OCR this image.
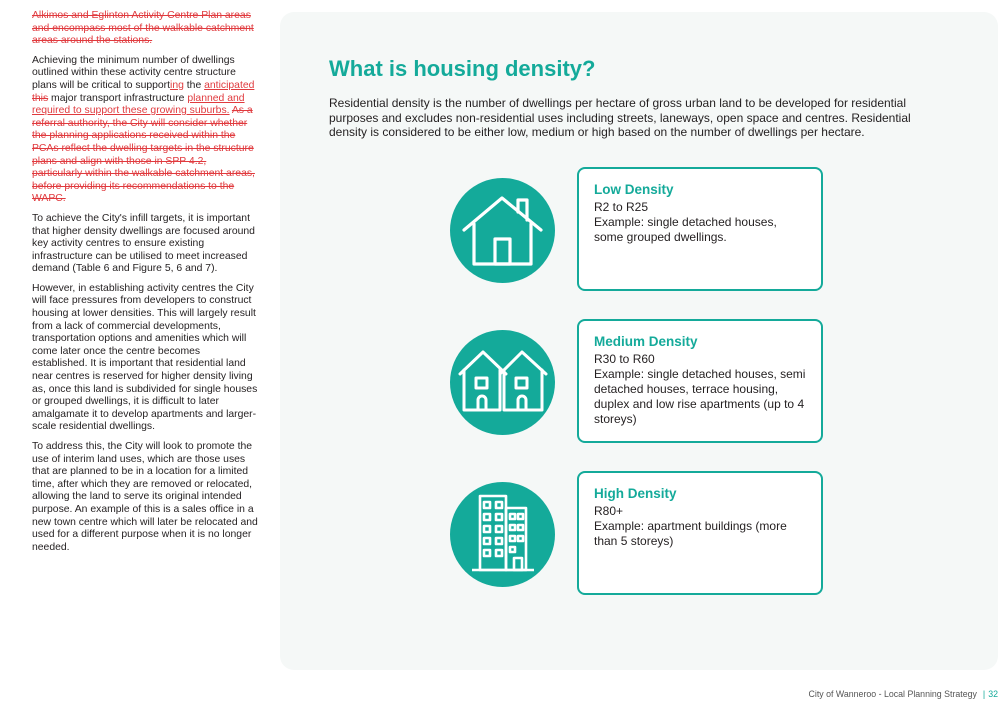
Alkimos and Eglinton Activity Centre Plan areas and encompass most of the walkable catchment areas around the stations.

Achieving the minimum number of dwellings outlined within these activity centre structure plans will be critical to supporting the anticipated this major transport infrastructure planned and required to support these growing suburbs. As a referral authority, the City will consider whether the planning applications received within the PCAs reflect the dwelling targets in the structure plans and align with those in SPP 4.2, particularly within the walkable catchment areas, before providing its recommendations to the WAPC.

To achieve the City's infill targets, it is important that higher density dwellings are focused around key activity centres to ensure existing infrastructure can be utilised to meet increased demand (Table 6 and Figure 5, 6 and 7).

However, in establishing activity centres the City will face pressures from developers to construct housing at lower densities. This will largely result from a lack of commercial developments, transportation options and amenities which will come later once the centre becomes established. It is important that residential land near centres is reserved for higher density living as, once this land is subdivided for single houses or grouped dwellings, it is difficult to later amalgamate it to develop apartments and larger-scale residential dwellings.

To address this, the City will look to promote the use of interim land uses, which are those uses that are planned to be in a location for a limited time, after which they are removed or relocated, allowing the land to serve its original intended purpose. An example of this is a sales office in a new town centre which will later be relocated and used for a different purpose when it is no longer needed.

What is housing density?

Residential density is the number of dwellings per hectare of gross urban land to be developed for residential purposes and excludes non-residential uses including streets, laneways, open space and centres. Residential density is considered to be either low, medium or high based on the number of dwellings per hectare.

Low Density

R2 to R25

Example: single detached houses, some grouped dwellings.

Medium Density

R30 to R60

Example: single detached houses, semi detached houses, terrace housing, duplex and low rise apartments (up to 4 storeys)

High Density

R80+

Example: apartment buildings (more than 5 storeys)

City of Wanneroo - Local Planning Strategy | 32
